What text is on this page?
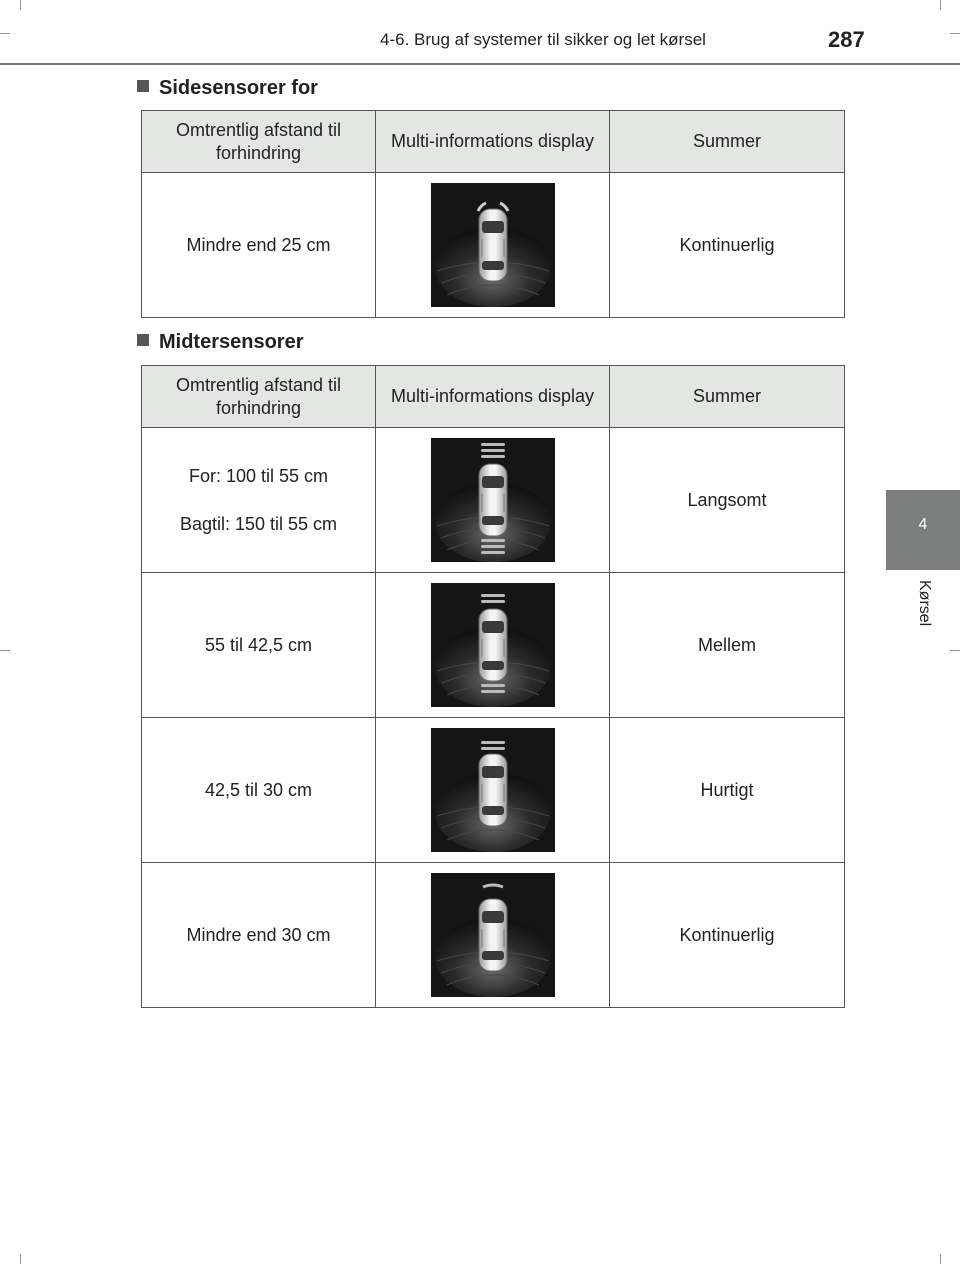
4-6. Brug af systemer til sikker og let kørsel	287
4
Kørsel
Sidesensorer for
Omtrentlig afstand til forhindring	Multi-informations display	Summer
Mindre end 25 cm		Kontinuerlig
Midtersensorer
Omtrentlig afstand til forhindring	Multi-informations display	Summer

For: 100 til 55 cm

Bagtil: 150 til 55 cm		Langsomt
55 til 42,5 cm		Mellem
42,5 til 30 cm		Hurtigt
Mindre end 30 cm		Kontinuerlig
